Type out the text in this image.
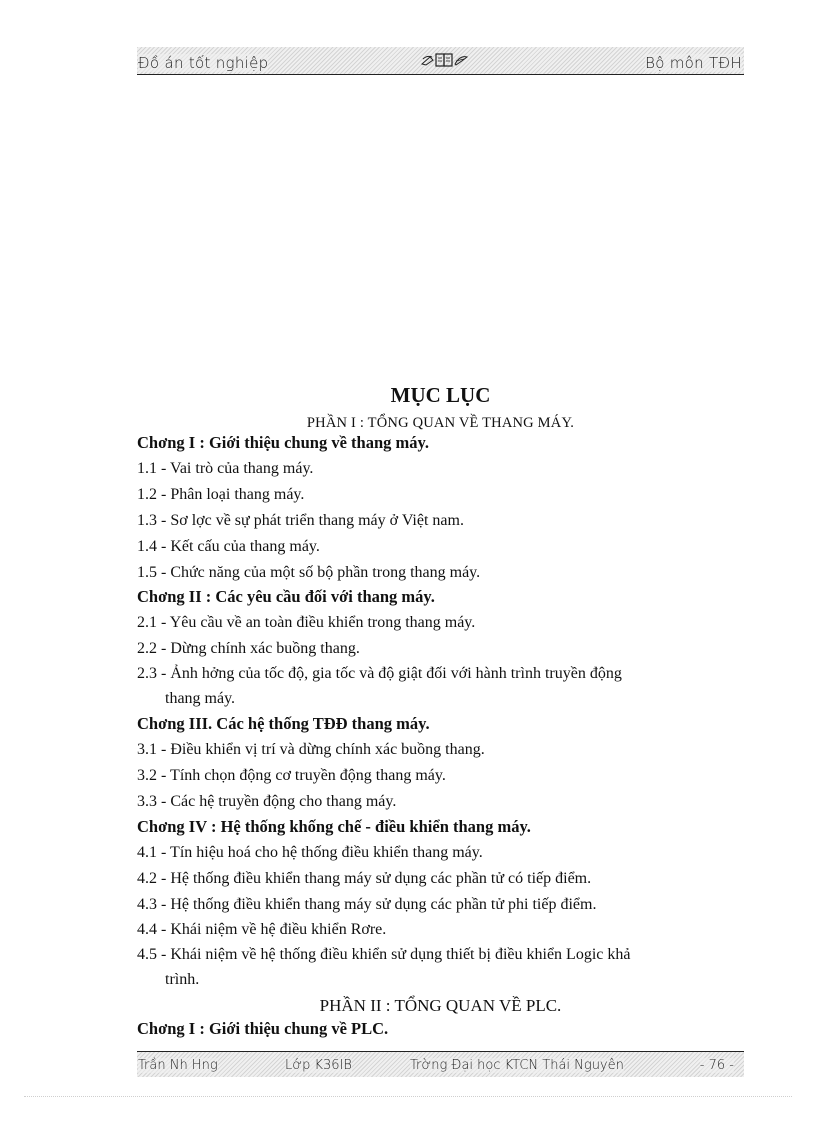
Đồ án tốt nghiệp	Bộ môn TĐH
MỤC LỤC
PHẦN I : TỔNG QUAN VỀ THANG MÁY.
Chơng I : Giới thiệu chung về thang máy.
1.1 - Vai trò của thang máy.
1.2 - Phân loại thang máy.
1.3 - Sơ lợc về sự phát triển thang máy ở Việt nam.
1.4 - Kết cấu của thang máy.
1.5 - Chức năng của một số bộ phần trong thang máy.
Chơng II : Các yêu cầu đối với thang máy.
2.1 - Yêu cầu về an toàn điều khiển trong thang máy.
2.2 - Dừng chính xác buồng thang.
2.3 - Ảnh hởng của tốc độ, gia tốc và độ giật đối với hành trình truyền động
thang máy.
Chơng III. Các hệ thống TĐĐ thang máy.
3.1 - Điều khiển vị trí và dừng chính xác buồng thang.
3.2 - Tính chọn động cơ truyền động thang máy.
3.3 - Các hệ truyền động cho thang máy.
Chơng IV : Hệ thống khống chế - điều khiển thang máy.
4.1 - Tín hiệu hoá cho hệ thống điều khiển thang máy.
4.2 - Hệ thống điều khiển thang máy sử dụng các phần tử có tiếp điểm.
4.3 - Hệ thống điều khiển thang máy sử dụng các phần tử phi tiếp điểm.
4.4 - Khái niệm về hệ điều khiển Rơre.
4.5 - Khái niệm về hệ thống điều khiển sử dụng thiết bị điều khiển Logic khả
trình.
PHẦN II : TỔNG QUAN VỀ PLC.
Chơng I : Giới thiệu chung về PLC.
Trần Nh Hng	Lớp K36IB	Trờng Đại học KTCN Thái Nguyên	- 76 -
